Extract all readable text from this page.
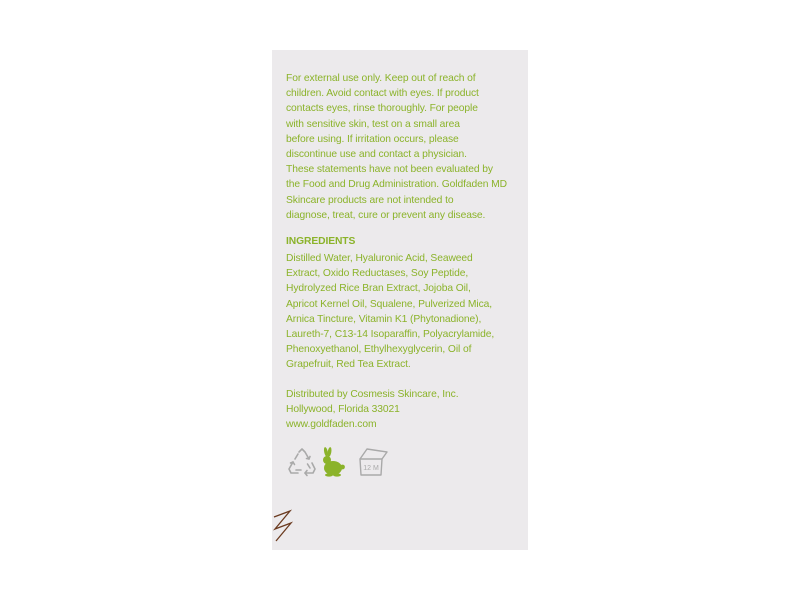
For external use only. Keep out of reach of
children. Avoid contact with eyes. If product
contacts eyes, rinse thoroughly. For people
with sensitive skin, test on a small area
before using. If irritation occurs, please
discontinue use and contact a physician.
These statements have not been evaluated by
the Food and Drug Administration. Goldfaden MD
Skincare products are not intended to
diagnose, treat, cure or prevent any disease.
INGREDIENTS
Distilled Water, Hyaluronic Acid, Seaweed
Extract, Oxido Reductases, Soy Peptide,
Hydrolyzed Rice Bran Extract, Jojoba Oil,
Apricot Kernel Oil, Squalene, Pulverized Mica,
Arnica Tincture, Vitamin K1 (Phytonadione),
Laureth-7, C13-14 Isoparaffin, Polyacrylamide,
Phenoxyethanol, Ethylhexyglycerin, Oil of
Grapefruit, Red Tea Extract.
Distributed by Cosmesis Skincare, Inc.
Hollywood, Florida 33021
www.goldfaden.com
12 M
